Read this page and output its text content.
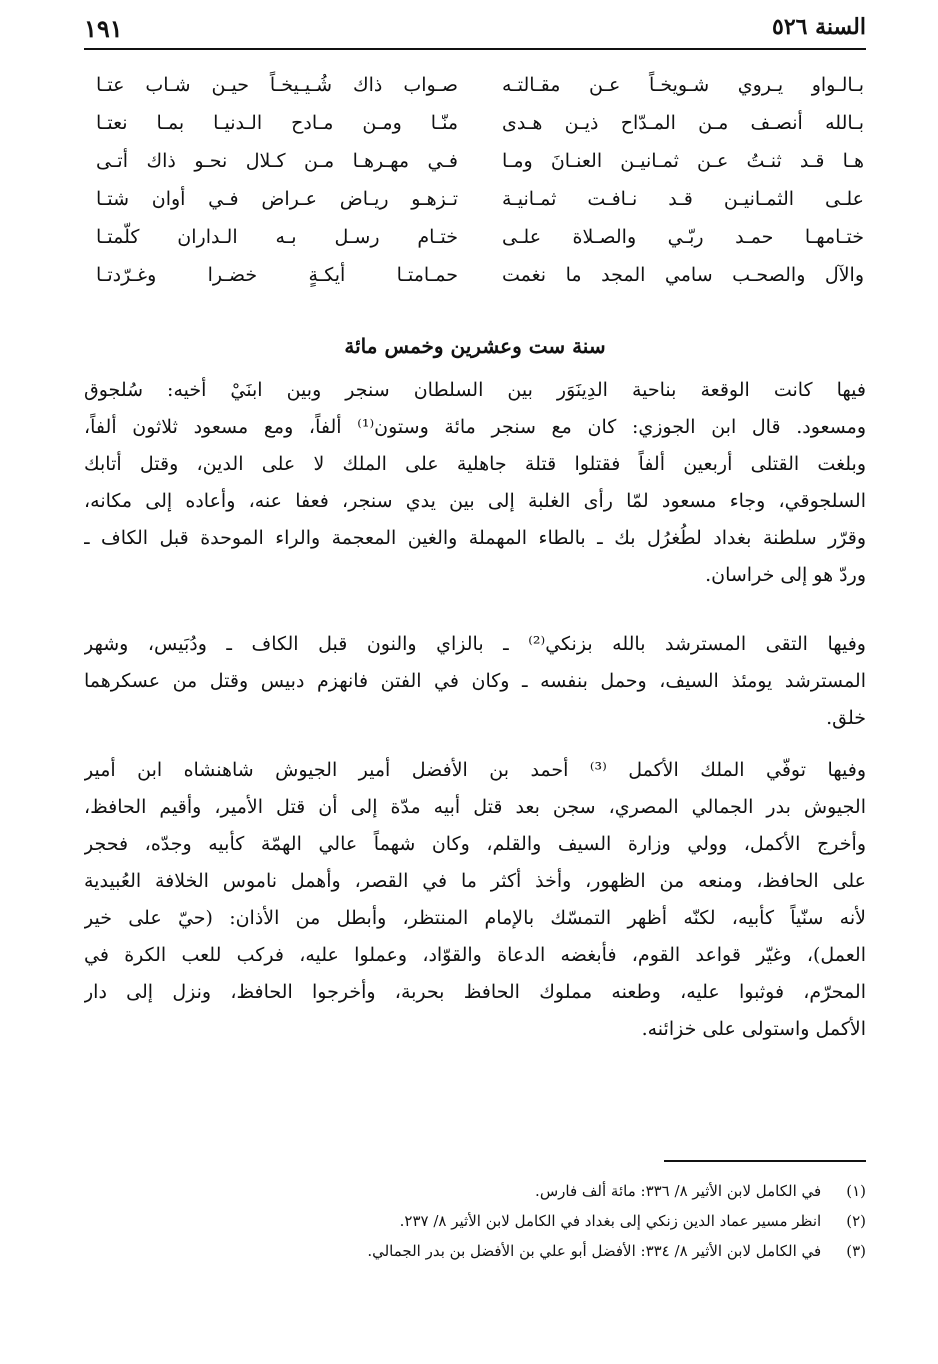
السنة ٥٢٦
١٩١
بـالـواو يـروي شـويخـاً عـن مقـالتـه
صـواب ذاك شُـيـيخـاً حيـن شـاب عتـا
بـالله أنصـف مـن المـدّاح ذيـن هـدى
منّـا ومـن مـادح الـدنيـا بمـا نعتـا
هـا قـد ثنـتُ عـن ثمـانيـن العنـانَ ومـا
فـي مهـرهـا مـن كـلال نحـو ذاك أتـى
علـى الثمـانيـن قـد نـافـت ثمـانيـة
تـزهـو ريـاض عـراض فـي أوان شتـا
ختـامهـا حمـد ربّـي والصـلاة علـى
ختـام رسـل بـه الـداران كلّمتـا
والآل والصحـب سامي المجد ما نغمت
حمـامتـا أيكـةٍ خضـرا وغـرّدتـا
سنة ست وعشرين وخمس مائة
فيها كانت الوقعة بناحية الدِينَوَر بين السلطان سنجر وبين ابنَيْ أخيه: سُلجوق
ومسعود. قال ابن الجوزي: كان مع سنجر مائة وستون⁽¹⁾ ألفاً، ومع مسعود ثلاثون ألفاً،
وبلغت القتلى أربعين ألفاً فقتلوا قتلة جاهلية على الملك لا على الدين، وقتل أتابك
السلجوقي، وجاء مسعود لمّا رأى الغلبة إلى بين يدي سنجر، فعفا عنه، وأعاده إلى مكانه،
وقرّر سلطنة بغداد لطُغرُل بك ـ بالطاء المهملة والغين المعجمة والراء الموحدة قبل الكاف ـ
وردّ هو إلى خراسان.
وفيها التقى المسترشد بالله بزنكي⁽²⁾ ـ بالزاي والنون قبل الكاف ـ ودُبَيس، وشهر
المسترشد يومئذ السيف، وحمل بنفسه ـ وكان في الفتن فانهزم دبيس وقتل من عسكرهما
خلق.
وفيها توفّي الملك الأكمل ⁽³⁾ أحمد بن الأفضل أمير الجيوش شاهنشاه ابن أمير
الجيوش بدر الجمالي المصري، سجن بعد قتل أبيه مدّة إلى أن قتل الأمير، وأقيم الحافظ،
وأخرج الأكمل، وولي وزارة السيف والقلم، وكان شهماً عالي الهمّة كأبيه وجدّه، فحجر
على الحافظ، ومنعه من الظهور، وأخذ أكثر ما في القصر، وأهمل ناموس الخلافة العُبيدية
لأنه سنّياً كأبيه، لكنّه أظهر التمسّك بالإمام المنتظر، وأبطل من الأذان: (حيّ على خير
العمل)، وغيّر قواعد القوم، فأبغضه الدعاة والقوّاد، وعملوا عليه، فركب للعب الكرة في
المحرّم، فوثبوا عليه، وطعنه مملوك الحافظ بحربة، وأخرجوا الحافظ، ونزل إلى دار
الأكمل واستولى على خزائنه.
(١) في الكامل لابن الأثير ٨/ ٣٣٦: مائة ألف فارس.
(٢) انظر مسير عماد الدين زنكي إلى بغداد في الكامل لابن الأثير ٨/ ٢٣٧.
(٣) في الكامل لابن الأثير ٨/ ٣٣٤: الأفضل أبو علي بن الأفضل بن بدر الجمالي.
